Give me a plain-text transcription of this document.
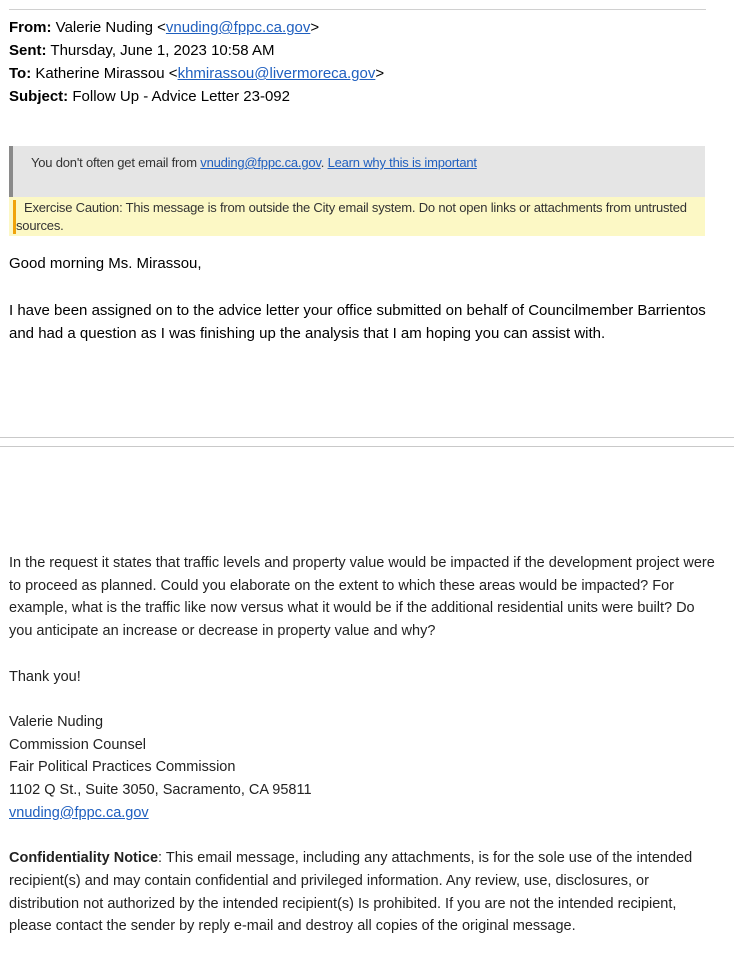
From: Valerie Nuding <vnuding@fppc.ca.gov>
Sent: Thursday, June 1, 2023 10:58 AM
To: Katherine Mirassou <khmirassou@livermoreca.gov>
Subject: Follow Up - Advice Letter 23-092
You don't often get email from vnuding@fppc.ca.gov. Learn why this is important
Exercise Caution: This message is from outside the City email system. Do not open links or attachments from untrusted sources.
Good morning Ms. Mirassou,
I have been assigned on to the advice letter your office submitted on behalf of Councilmember Barrientos and had a question as I was finishing up the analysis that I am hoping you can assist with.

In the request it states that traffic levels and property value would be impacted if the development project were to proceed as planned. Could you elaborate on the extent to which these areas would be impacted? For example, what is the traffic like now versus what it would be if the additional residential units were built? Do you anticipate an increase or decrease in property value and why?

Thank you!

Valerie Nuding

Commission Counsel

Fair Political Practices Commission

1102 Q St., Suite 3050, Sacramento, CA 95811

vnuding@fppc.ca.gov

Confidentiality Notice: This email message, including any attachments, is for the sole use of the intended recipient(s) and may contain confidential and privileged information. Any review, use, disclosures, or distribution not authorized by the intended recipient(s) Is prohibited. If you are not the intended recipient, please contact the sender by reply e-mail and destroy all copies of the original message.
